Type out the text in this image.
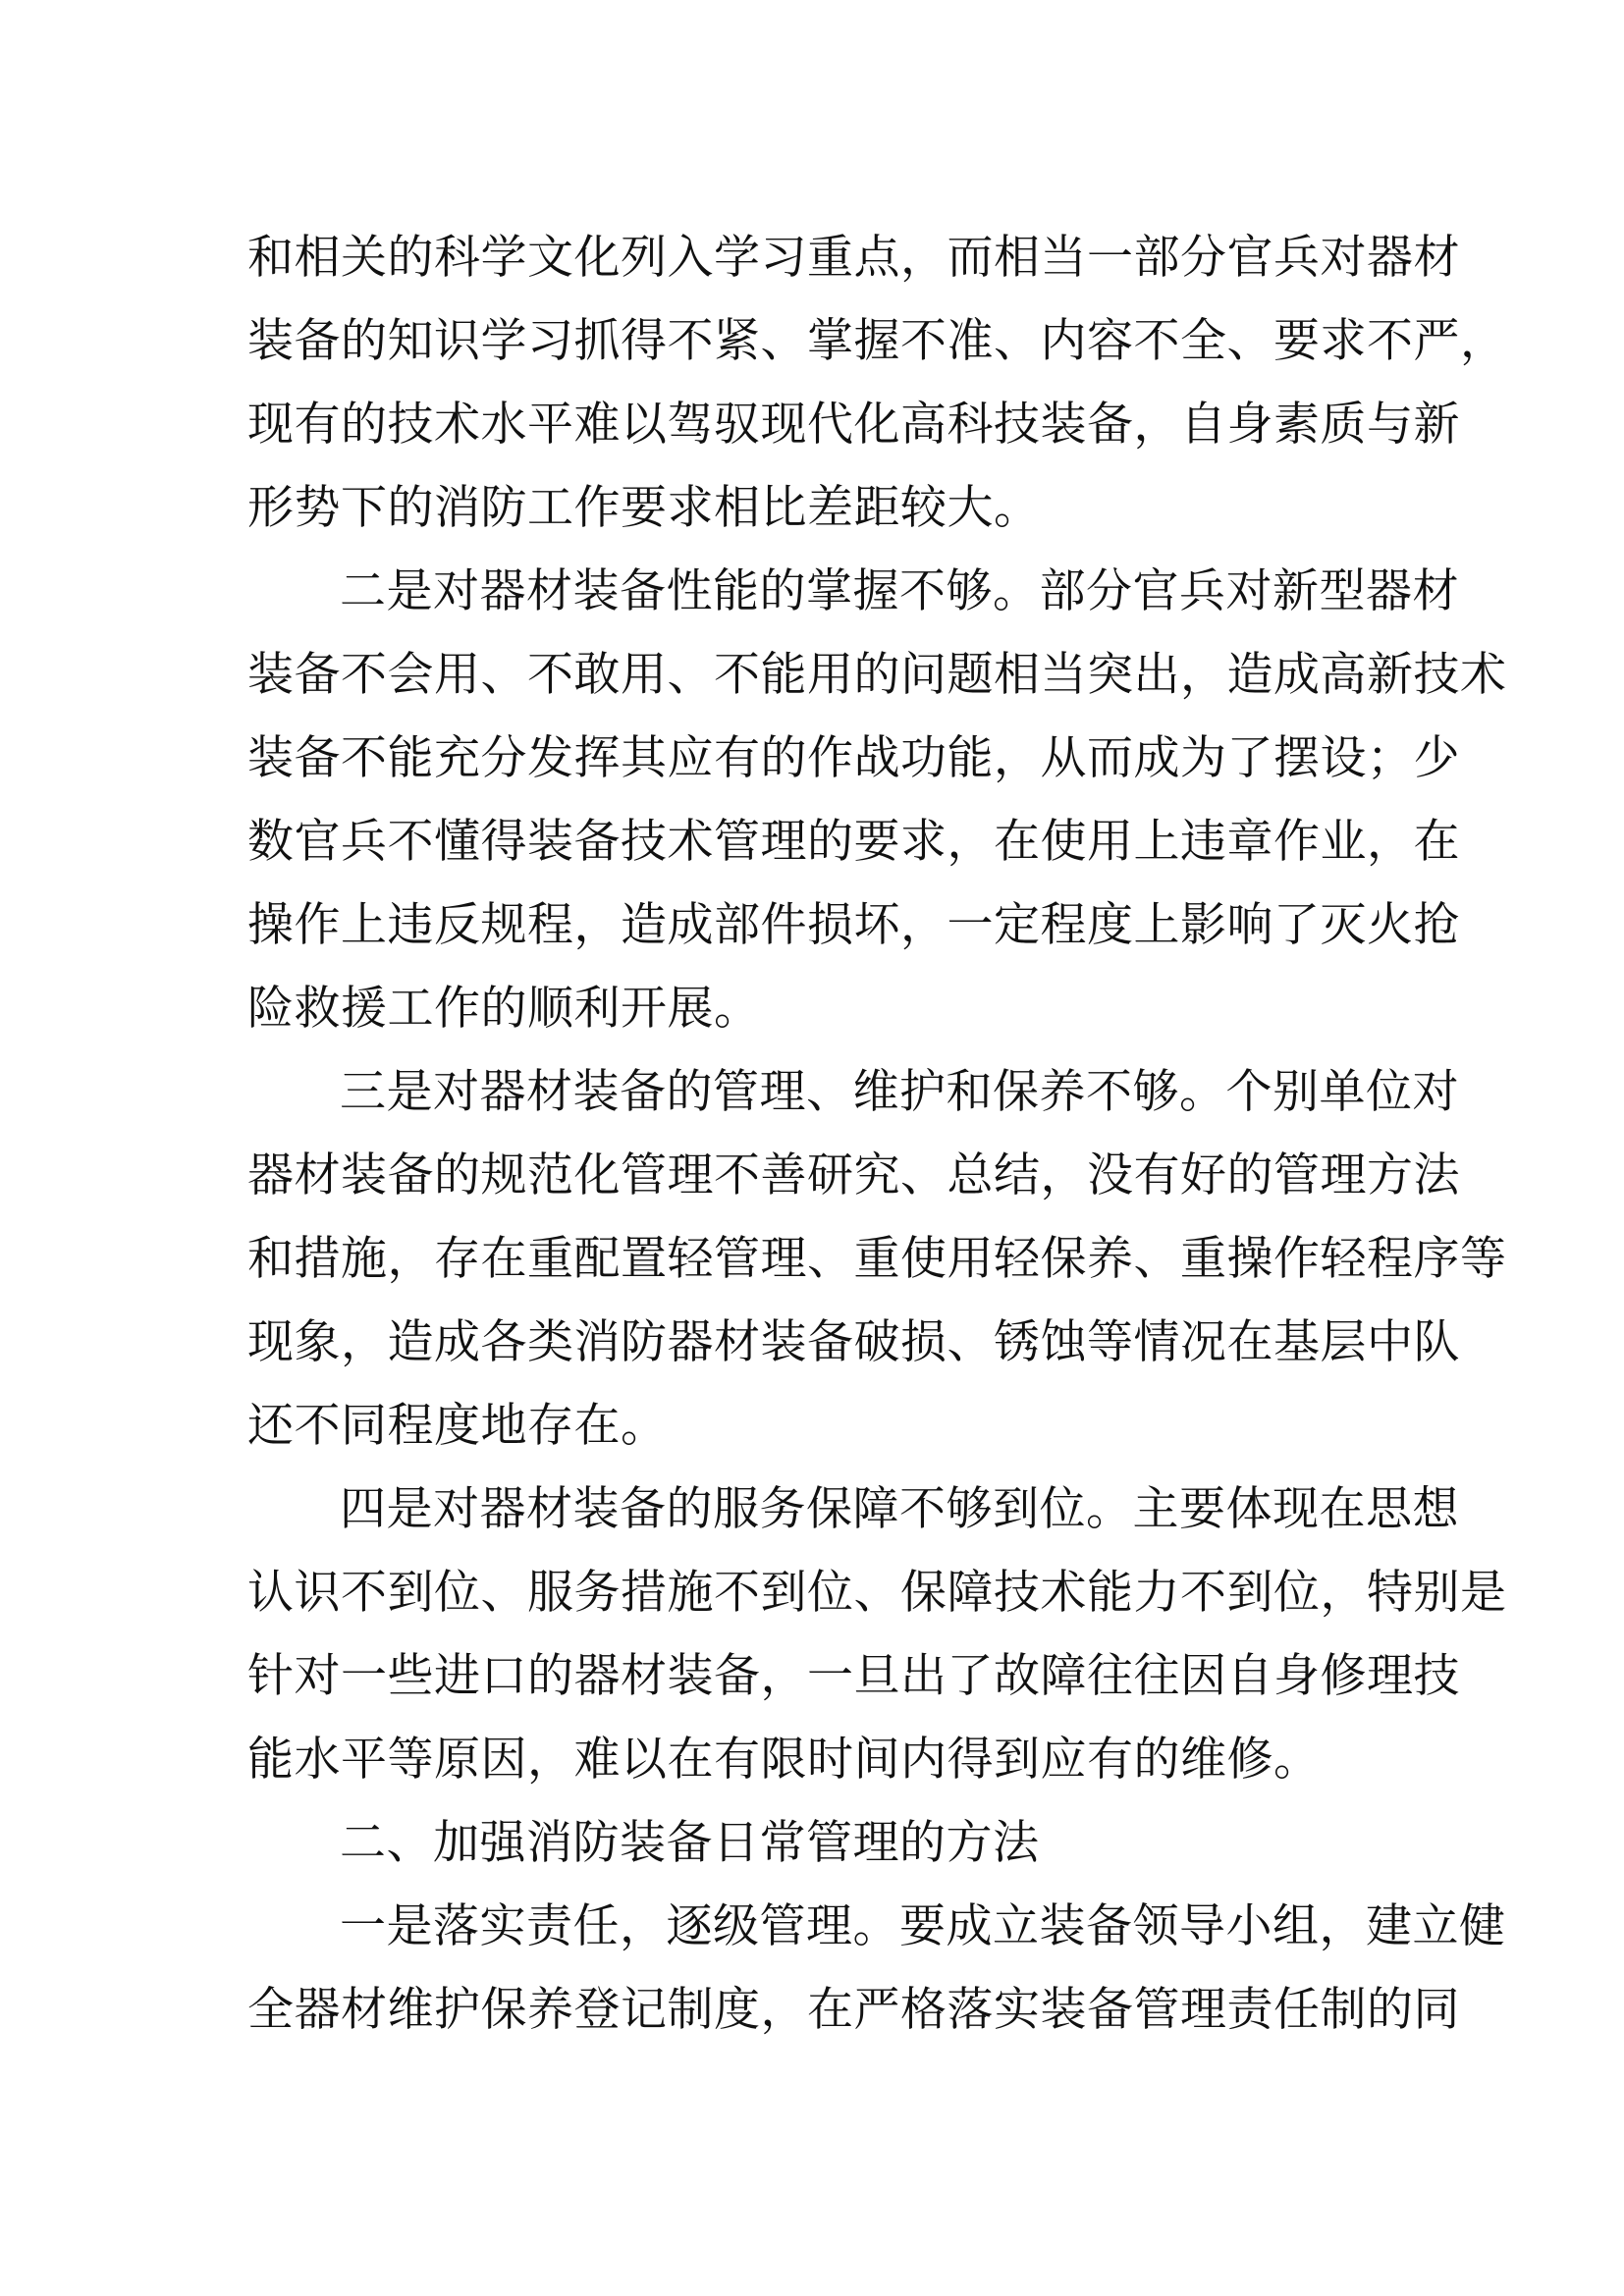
和相关的科学文化列入学习重点，而相当一部分官兵对器材
装备的知识学习抓得不紧、掌握不准、内容不全、要求不严，
现有的技术水平难以驾驭现代化高科技装备，自身素质与新
形势下的消防工作要求相比差距较大。

二是对器材装备性能的掌握不够。部分官兵对新型器材
装备不会用、不敢用、不能用的问题相当突出，造成高新技术
装备不能充分发挥其应有的作战功能，从而成为了摆设；少
数官兵不懂得装备技术管理的要求，在使用上违章作业，在
操作上违反规程，造成部件损坏，一定程度上影响了灭火抢
险救援工作的顺利开展。

三是对器材装备的管理、维护和保养不够。个别单位对
器材装备的规范化管理不善研究、总结，没有好的管理方法
和措施，存在重配置轻管理、重使用轻保养、重操作轻程序等
现象，造成各类消防器材装备破损、锈蚀等情况在基层中队
还不同程度地存在。

四是对器材装备的服务保障不够到位。主要体现在思想
认识不到位、服务措施不到位、保障技术能力不到位，特别是
针对一些进口的器材装备，一旦出了故障往往因自身修理技
能水平等原因，难以在有限时间内得到应有的维修。

二、加强消防装备日常管理的方法

一是落实责任，逐级管理。要成立装备领导小组，建立健
全器材维护保养登记制度，在严格落实装备管理责任制的同
